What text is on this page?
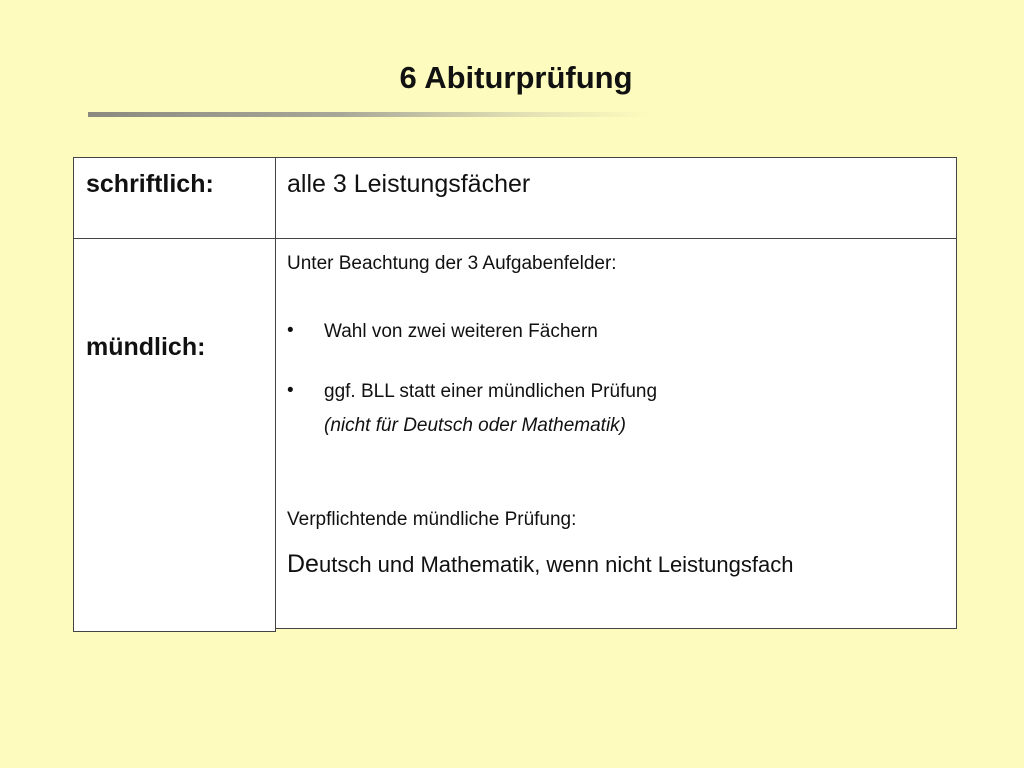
6 Abiturprüfung
schriftlich:	alle 3 Leistungsfächer
mündlich:
Unter Beachtung der 3 Aufgabenfelder:
• Wahl von zwei weiteren Fächern
• ggf. BLL statt einer mündlichen Prüfung
(nicht für Deutsch oder Mathematik)
Verpflichtende mündliche Prüfung:
Deutsch und Mathematik, wenn nicht Leistungsfach
